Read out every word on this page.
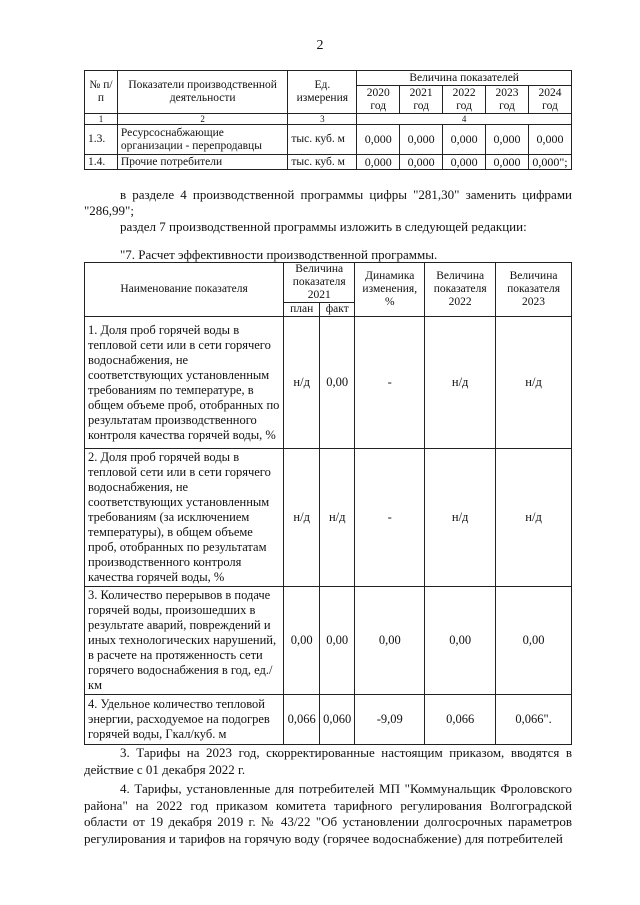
2
№ п/п	Показатели производственной деятельности	Ед. измерения	Величина показателей				
			2020 год	2021 год	2022 год	2023 год	2024 год
1	2	3	4				
1.3.	Ресурсоснабжающие организации - перепродавцы	тыс. куб. м	0,000	0,000	0,000	0,000	0,000
1.4.	Прочие потребители	тыс. куб. м	0,000	0,000	0,000	0,000	0,000";
в разделе 4 производственной программы цифры "281,30" заменить цифрами "286,99";
раздел 7 производственной программы изложить в следующей редакции:
"7. Расчет эффективности производственной программы.
Наименование показателя	Величина показателя 2021		Динамика изменения, %	Величина показателя 2022	Величина показателя 2023
	план	факт			
1. Доля проб горячей воды в тепловой сети или в сети горячего водоснабжения, не соответствующих установленным требованиям по температуре, в общем объеме проб, отобранных по результатам производственного контроля качества горячей воды, %	н/д	0,00	-	н/д	н/д
2. Доля проб горячей воды в тепловой сети или в сети горячего водоснабжения, не соответствующих установленным требованиям (за исключением температуры), в общем объеме проб, отобранных по результатам производственного контроля качества горячей воды, %	н/д	н/д	-	н/д	н/д
3. Количество перерывов в подаче горячей воды, произошедших в результате аварий, повреждений и иных технологических нарушений, в расчете на протяженность сети горячего водоснабжения в год, ед./км	0,00	0,00	0,00	0,00	0,00
4. Удельное количество тепловой энергии, расходуемое на подогрев горячей воды, Гкал/куб. м	0,066	0,060	-9,09	0,066	0,066".
3. Тарифы на 2023 год, скорректированные настоящим приказом, вводятся в действие с 01 декабря 2022 г.
4. Тарифы, установленные для потребителей МП "Коммунальщик Фроловского района" на 2022 год приказом комитета тарифного регулирования Волгоградской области от 19 декабря 2019 г. № 43/22 "Об установлении долгосрочных параметров регулирования и тарифов на горячую воду (горячее водоснабжение) для потребителей
